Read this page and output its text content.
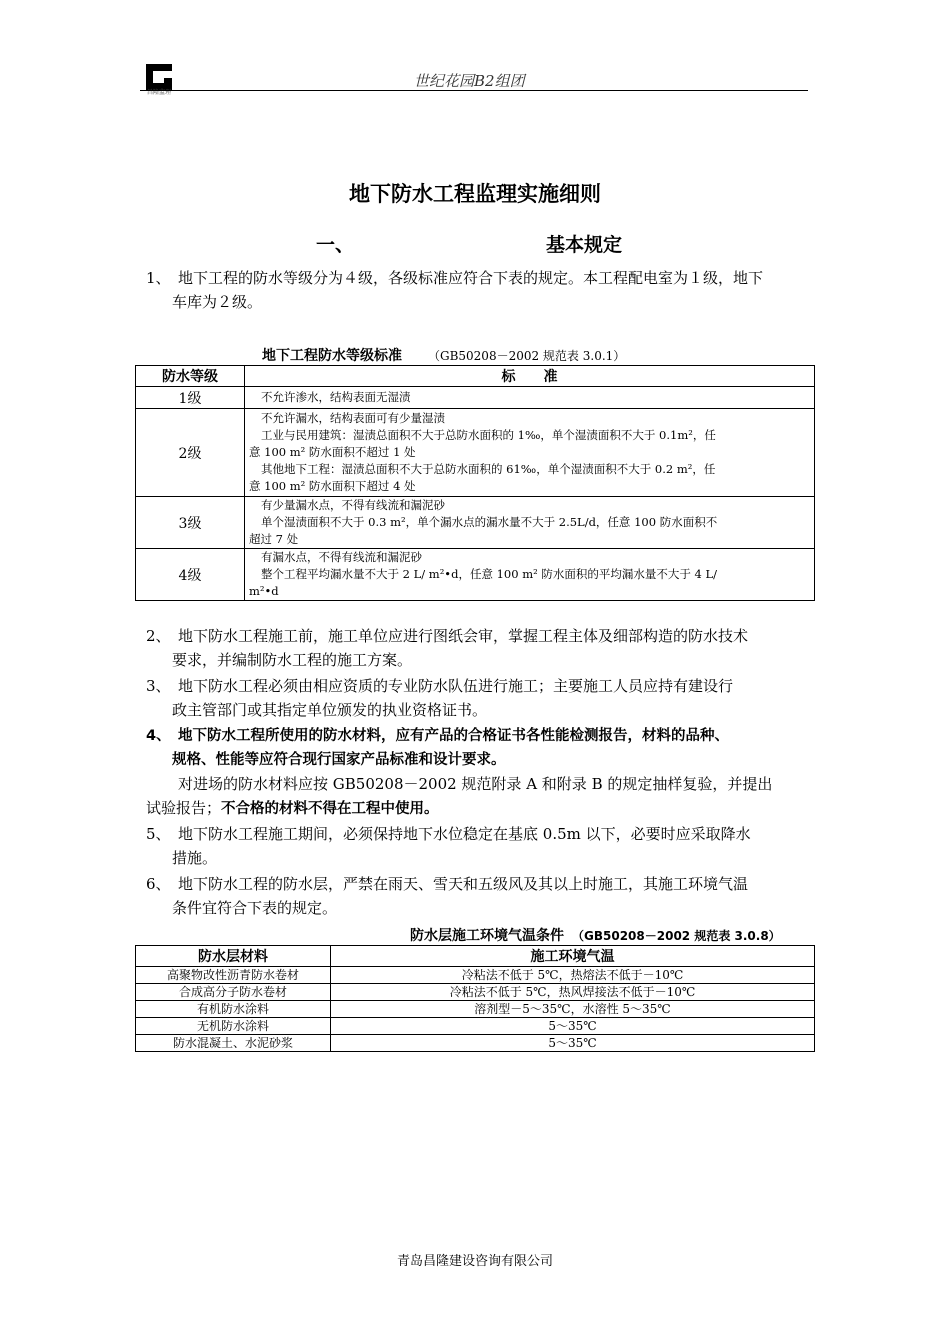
昌隆监理
世纪花园B2组团
地下防水工程监理实施细则
一、	基本规定
1、 地下工程的防水等级分为４级，各级标准应符合下表的规定。本工程配电室为１级，地下
车库为２级。
地下工程防水等级标准 （GB50208－2002 规范表 3.0.1）
防水等级	标　　准
1级	不允许渗水，结构表面无湿渍

2级	不允许漏水，结构表面可有少量湿渍
工业与民用建筑：湿渍总面积不大于总防水面积的 1‰，单个湿渍面积不大于 0.1m²，任
意 100 m² 防水面积不超过 1 处
其他地下工程：湿渍总面积不大于总防水面积的 61‰，单个湿渍面积不大于 0.2 m²，任
意 100 m² 防水面积下超过 4 处

3级	有少量漏水点，不得有线流和漏泥砂
单个湿渍面积不大于 0.3 m²，单个漏水点的漏水量不大于 2.5L/d，任意 100 防水面积不
超过 7 处

4级	有漏水点，不得有线流和漏泥砂
整个工程平均漏水量不大于 2 L/ m²•d，任意 100 m² 防水面积的平均漏水量不大于 4 L/
m²•d
2、 地下防水工程施工前，施工单位应进行图纸会审，掌握工程主体及细部构造的防水技术
要求，并编制防水工程的施工方案。
3、 地下防水工程必须由相应资质的专业防水队伍进行施工；主要施工人员应持有建设行
政主管部门或其指定单位颁发的执业资格证书。
4、 地下防水工程所使用的防水材料，应有产品的合格证书各性能检测报告，材料的品种、
规格、性能等应符合现行国家产品标准和设计要求。
对进场的防水材料应按 GB50208－2002 规范附录 A 和附录 B 的规定抽样复验，并提出
试验报告；不合格的材料不得在工程中使用。
5、 地下防水工程施工期间，必须保持地下水位稳定在基底 0.5m 以下，必要时应采取降水
措施。
6、 地下防水工程的防水层，严禁在雨天、雪天和五级风及其以上时施工，其施工环境气温
条件宜符合下表的规定。
防水层施工环境气温条件 （GB50208－2002 规范表 3.0.8）
防水层材料	施工环境气温
高聚物改性沥青防水卷材	冷粘法不低于 5℃，热熔法不低于－10℃
合成高分子防水卷材	冷粘法不低于 5℃，热风焊接法不低于－10℃
有机防水涂料	溶剂型－5～35℃，水溶性 5～35℃
无机防水涂料	5～35℃
防水混凝土、水泥砂浆	5～35℃
青岛昌隆建设咨询有限公司
